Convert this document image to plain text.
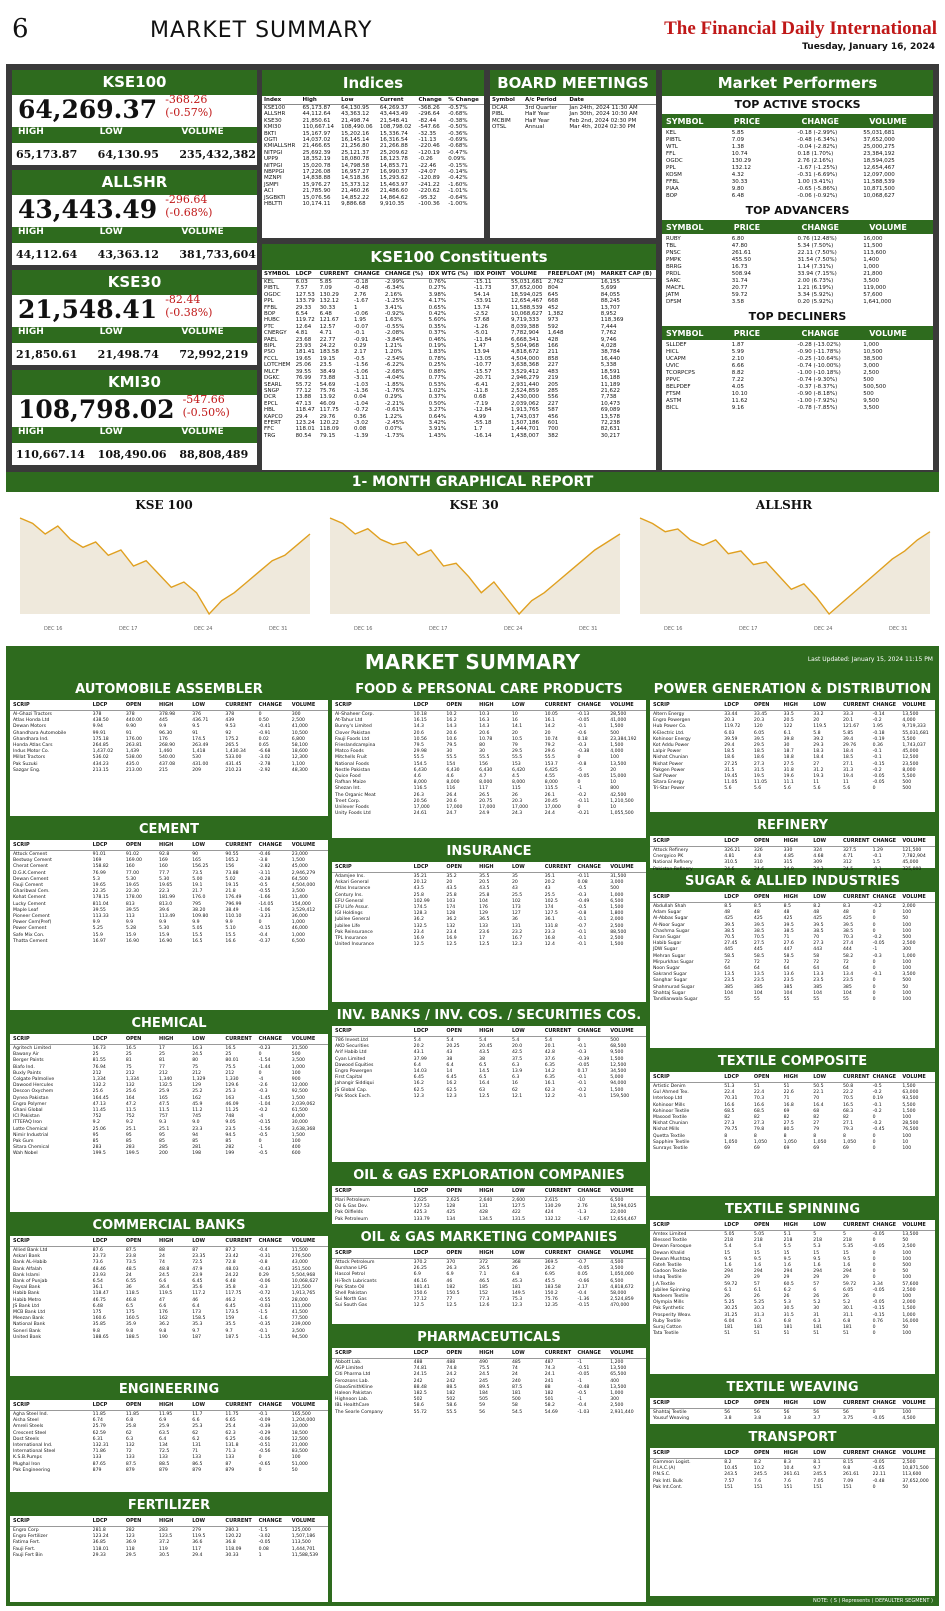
6	MARKET SUMMARY	The Financial Daily International
Tuesday, January 16, 2024
KSE100
64,269.37 -368.26 (-0.57%)
HIGH	LOW	VOLUME
65,173.87	64,130.95	235,432,382
ALLSHR
43,443.49 -296.64 (-0.68%)
HIGH	LOW	VOLUME
44,112.64	43,363.12	381,733,604
KSE30
21,548.41 -82.44 (-0.38%)
HIGH	LOW	VOLUME
21,850.61	21,498.74	72,992,219
KMI30
108,798.02 -547.66 (-0.50%)
HIGH	LOW	VOLUME
110,667.14	108,490.06	88,808,489
Indices
Index	High	Low	Current	Change	% Change
KSE100	65,173.87	64,130.95	64,269.37	-368.26	-0.57%
ALLSHR	44,112.64	43,363.12	43,443.49	-296.64	-0.68%
KSE30	21,850.61	21,498.74	21,548.41	-82.44	-0.38%
KMI30	110,667.14	108,490.06	108,798.02	-547.66	-0.50%
BKTI	15,167.97	15,202.16	15,336.74	-32.35	-0.36%
OGTI	14,037.02	16,145.14	16,316.54	-11.13	-0.69%
KMIALLSHR	21,466.65	21,256.80	21,266.88	-220.46	-0.68%
NITPGI	25,692.39	25,121.37	25,209.62	-120.19	-0.47%
UPP9	18,352.19	18,080.78	18,123.78	-0.26	0.09%
NITPGI	15,020.78	14,798.58	14,853.71	-22.46	-0.15%
NBPPGI	17,226.08	16,957.27	16,990.37	-24.07	-0.14%
MZNPI	14,838.88	14,518.36	15,293.62	-120.89	-0.42%
JSMFI	15,976.27	15,373.12	15,463.97	-241.22	-1.60%
ACI	21,785.90	21,460.26	21,486.60	-220.62	-1.01%
JSGBKTI	15,076.56	14,852.22	14,864.62	-95.32	-0.64%
HBLTTI	10,174.11	9,886.68	9,910.35	-100.36	-1.00%
BOARD MEETINGS
Symbol	A/c Period	Date
DCAR	3rd Quarter	Jan 24th, 2024 11:30 AM
PIBL	Half Year	Jan 30th, 2024 10:30 AM
MCBIM	Half Year	Feb 2nd, 2024 02:30 PM
OTSL	Annual	Mar 4th, 2024 02:30 PM
KSE100 Constituents
SYMBOL	LDCP	CURRENT	CHANGE	CHANGE (%)	IDX WTG (%)	IDX POINT	VOLUME	FREEFLOAT (M)	MARKET CAP (B)
KEL	6.03	5.85	-0.18	-2.99%	0.76%	-15.11	55,031,681	2,762	16,155
PIBTL	7.57	7.09	-0.48	-6.34%	0.27%	-11.73	37,652,000	804	5,699
OGDC	127.53	130.29	2.76	2.16%	3.98%	54.14	18,594,025	645	84,055
PPL	133.79	132.12	-1.67	-1.25%	4.17%	-33.91	12,654,467	668	88,245
FFBL	29.33	30.33	1	3.41%	0.65%	13.74	11,588,539	452	13,707
BOP	6.54	6.48	-0.06	-0.92%	0.42%	-2.52	10,068,627	1,382	8,952
HUBC	119.72	121.67	1.95	1.63%	5.60%	57.68	9,719,333	973	118,369
PTC	12.64	12.57	-0.07	-0.55%	0.35%	-1.26	8,039,388	592	7,444
CNERGY	4.81	4.71	-0.1	-2.08%	0.37%	-5.01	7,782,904	1,648	7,762
PAEL	23.68	22.77	-0.91	-3.84%	0.46%	-11.84	6,668,341	428	9,746
BIPL	23.93	24.22	0.29	1.21%	0.19%	1.47	5,504,968	166	4,028
PSO	181.41	183.58	2.17	1.20%	1.83%	13.94	4,818,672	211	38,784
FCCL	19.65	19.15	-0.5	-2.54%	0.78%	-13.05	4,504,000	858	16,440
LOTCHEM	25.06	23.5	-1.56	-6.22%	0.25%	-10.77	3,638,368	227	5,338
MLCF	39.55	38.49	-1.06	-2.68%	0.88%	-15.57	3,529,412	483	18,591
DGKC	76.99	73.88	-3.11	-4.04%	0.77%	-20.71	2,946,279	219	16,188
SEARL	55.72	54.69	-1.03	-1.85%	0.53%	-6.41	2,931,440	205	11,189
SNGP	77.12	75.76	-1.36	-1.76%	1.02%	-11.8	2,524,859	285	21,622
DCR	13.88	13.92	0.04	0.29%	0.37%	0.68	2,430,000	556	7,738
EPCL	47.13	46.09	-1.04	-2.21%	0.50%	-7.19	2,039,062	227	10,473
HBL	118.47	117.75	-0.72	-0.61%	3.27%	-12.84	1,913,765	587	69,089
KAPCO	29.4	29.76	0.36	1.22%	0.64%	4.99	1,743,037	456	13,578
EFERT	123.24	120.22	-3.02	-2.45%	3.42%	-55.18	1,507,186	601	72,238
FFC	118.01	118.09	0.08	0.07%	3.91%	1.7	1,444,701	700	82,631
TRG	80.54	79.15	-1.39	-1.73%	1.43%	-16.14	1,438,007	382	30,217
Market Performers
TOP ACTIVE STOCKS
SYMBOL	PRICE	CHANGE	VOLUME
KEL	5.85	-0.18 (-2.99%)	55,031,681
PIBTL	7.09	-0.48 (-6.34%)	37,652,000
WTL	1.38	-0.04 (-2.82%)	25,000,275
FFL	10.74	0.18 (1.70%)	23,384,192
OGDC	130.29	2.76 (2.16%)	18,594,025
PPL	132.12	-1.67 (-1.25%)	12,654,467
KOSM	4.32	-0.31 (-6.69%)	12,097,000
FFBL	30.33	1.00 (3.41%)	11,588,539
PIAA	9.80	-0.65 (-5.86%)	10,871,500
BOP	6.48	-0.06 (-0.92%)	10,068,627
TOP ADVANCERS
SYMBOL	PRICE	CHANGE	VOLUME
RUBY	6.80	0.76 (12.48%)	16,000
TBL	47.80	5.34 (7.50%)	11,500
PNSC	261.61	22.11 (7.50%)	113,600
PMPK	455.50	31.54 (7.50%)	1,400
BRRG	16.73	1.14 (7.31%)	1,000
PRDL	508.94	33.94 (7.15%)	21,800
SARC	31.74	2.00 (6.73%)	3,500
MACFL	20.77	1.21 (6.19%)	119,000
JATM	59.72	3.34 (5.92%)	57,600
DFSM	3.58	0.20 (5.92%)	1,641,000
TOP DECLINERS
SYMBOL	PRICE	CHANGE	VOLUME
SLLDEF	1.87	-0.28 (-13.02%)	1,000
HICL	5.99	-0.90 (-11.78%)	10,500
UCAPM	2.10	-0.25 (-10.64%)	38,500
UVIC	6.66	-0.74 (-10.00%)	3,000
TCORPCPS	8.82	-1.00 (-10.18%)	2,500
PPVC	7.22	-0.74 (-9.30%)	500
BELPDEF	4.05	-0.37 (-8.37%)	500,500
FTSM	10.10	-0.90 (-8.18%)	500
ASTM	11.62	-1.00 (-7.92%)	9,500
BICL	9.16	-0.78 (-7.85%)	3,500
1- MONTH GRAPHICAL REPORT
KSE 100
DEC 16	DEC 17	DEC 24	DEC 31
KSE 30
DEC 16	DEC 17	DEC 24	DEC 31
ALLSHR
DEC 16	DEC 17	DEC 24	DEC 31
MARKET SUMMARY	Last Updated: January 15, 2024 11:15 PM
AUTOMOBILE ASSEMBLER
SCRIP	LDCP	OPEN	HIGH	LOW	CURRENT	CHANGE	VOLUME
Al-Ghazi Tractors	378	378	378.98	376	378	0	300
Atlas Honda Ltd	438.50	440.00	445	436.71	439	0.50	2,500
Dewan Motors	9.94	9.90	9.9	9.5	9.53	-0.41	41,000
Ghandhara Automobile	99.91	91	96.30	91	92	-0.91	10,500
Ghandhara Ind.	175.18	176.00	176	174.5	175.2	0.02	6,800
Honda Atlas Cars	264.85	263.81	268.90	263.49	265.5	0.65	58,100
Indus Motor Co.	1,437.02	1,439	1,460	1,418	1,430.34	-6.68	18,600
Millat Tractors	536.02	538.00	540.00	530	533.00	-3.02	12,300
Pak Suzuki	434.23	435.0	437.08	431.00	431.45	-2.78	1,100
Sazgar Eng.	213.15	213.00	215	209	210.23	-2.92	48,300
CEMENT
SCRIP	LDCP	OPEN	HIGH	LOW	CURRENT	CHANGE	VOLUME
Attock Cement	91.01	91.02	92.8	90	90.55	-0.46	23,000
Bestway Cement	169	169.00	169	165	165.2	-3.8	1,500
Cherat Cement	158.82	160	160	156.25	156	-2.82	45,000
D.G.K.Cement	76.99	77.00	77.7	73.5	73.88	-3.11	2,946,279
Dewan Cement	5.3	5.30	5.30	5.00	5.02	-0.28	64,500
Fauji Cement	19.65	19.65	19.65	19.1	19.15	-0.5	4,504,000
Gharibwal Cem.	22.35	22.30	22.3	21.7	21.8	-0.55	3,500
Kohat Cement	178.15	178.00	181.99	176.0	176.49	-1.66	11,400
Lucky Cement	811.04	813	813.0	795	796.99	-14.05	154,000
Maple Leaf	39.55	39.55	39.6	38.20	38.49	-1.06	3,529,412
Pioneer Cement	113.33	113	113.49	109.80	110.10	-3.23	36,000
Power Cem(Pref)	9.9	9.9	9.9	9.9	9.9	0	1,000
Power Cement	5.25	5.28	5.30	5.05	5.10	-0.15	46,000
Safe Mix Con.	15.9	15.9	15.9	15.5	15.5	-0.4	1,000
Thatta Cement	16.97	16.90	16.90	16.5	16.6	-0.37	6,500
CHEMICAL
SCRIP	LDCP	OPEN	HIGH	LOW	CURRENT	CHANGE	VOLUME
Agritech Limited	16.73	16.5	17	16.3	16.5	-0.23	21,500
Bawany Air	25	25	25	24.5	25	0	500
Berger Paints	81.55	81	81	80	80.01	-1.54	3,500
Biafo Ind.	76.94	75	77	75	75.5	-1.44	1,000
Buxly Paints	212	212	212	212	212	0	100
Colgate Palmolive	1,334	1,334	1,340	1,329	1,330	-4	900
Dawood Hercules	132.2	132	132.5	129	129.6	-2.6	12,000
Descon Oxychem	25.6	25.6	25.9	25.2	25.3	-0.3	92,500
Dynea Pakistan	164.45	164	165	162	163	-1.45	1,500
Engro Polymer	47.13	47.2	47.5	45.9	46.09	-1.04	2,039,062
Ghani Global	11.45	11.5	11.5	11.2	11.25	-0.2	61,500
ICI Pakistan	752	752	757	745	748	-4	4,000
ITTEFAQ Iron	9.2	9.2	9.3	9.0	9.05	-0.15	30,000
Lotte Chemical	25.06	25.1	25.1	23.3	23.5	-1.56	3,638,368
Nimir Industrial	95	95	95	94	94.5	-0.5	1,500
Pak Gum	85	85	85	85	85	0	100
Sitara Chemical	283	283	285	281	282	-1	400
Wah Nobel	199.5	199.5	200	198	199	-0.5	600
COMMERCIAL BANKS
SCRIP	LDCP	OPEN	HIGH	LOW	CURRENT	CHANGE	VOLUME
Allied Bank Ltd	87.6	87.5	88	87	87.2	-0.4	11,500
Askari Bank	23.73	23.8	24	23.35	23.42	-0.31	276,500
Bank AL-Habib	73.6	73.5	74	72.5	72.8	-0.8	43,000
Bank Alfalah	48.46	48.5	48.8	47.9	48.03	-0.43	351,500
Bank Islami	23.93	24	24.5	23.9	24.22	0.29	5,504,968
Bank of Punjab	6.54	6.55	6.6	6.45	6.48	-0.06	10,068,627
Faysal Bank	36.1	36	36.4	35.6	35.8	-0.3	121,500
Habib Bank	118.47	118.5	119.5	117.2	117.75	-0.72	1,913,765
Habib Metro	46.75	46.8	47	46	46.2	-0.55	28,000
JS Bank Ltd	6.48	6.5	6.6	6.4	6.45	-0.03	111,000
MCB Bank Ltd	175	175	176	173	173.5	-1.5	41,500
Meezan Bank	160.6	160.5	162	158.5	159	-1.6	77,500
National Bank	35.85	35.9	36.2	35.3	35.5	-0.35	239,000
Soneri Bank	9.8	9.8	9.8	9.7	9.7	-0.1	3,500
United Bank	188.65	188.5	190	187	187.5	-1.15	94,500
ENGINEERING
SCRIP	LDCP	OPEN	HIGH	LOW	CURRENT	CHANGE	VOLUME
Agha Steel Ind.	11.85	11.85	11.95	11.7	11.75	-0.1	165,500
Aisha Steel	6.74	6.8	6.9	6.6	6.65	-0.09	1,204,000
Amreli Steels	25.79	25.8	25.9	25.3	25.4	-0.39	33,000
Crescent Steel	62.59	62	63.5	62	62.3	-0.29	18,500
Dost Steels	6.31	6.3	6.4	6.2	6.25	-0.06	12,500
International Ind.	132.31	132	134	131	131.8	-0.51	21,000
International Steel	71.86	72	72.5	71	71.3	-0.56	83,500
K.S.B.Pumps	133	133	133	133	133	0	100
Mughal Iron	87.65	87.5	88.5	86.5	87	-0.65	51,000
Pak Engineering	879	879	879	879	879	0	50
FERTILIZER
SCRIP	LDCP	OPEN	HIGH	LOW	CURRENT	CHANGE	VOLUME
Engro Corp	281.8	282	283	279	280.3	-1.5	125,000
Engro Fertilizer	123.24	123	123.5	119.5	120.22	-3.02	1,507,186
Fatima Fert.	36.85	36.9	37.2	36.6	36.8	-0.05	113,500
Fauji Fert.	118.01	118	119	117	118.09	0.08	1,444,701
Fauji Fert Bin	29.33	29.5	30.5	29.4	30.33	1	11,588,539
FOOD & PERSONAL CARE PRODUCTS
SCRIP	LDCP	OPEN	HIGH	LOW	CURRENT	CHANGE	VOLUME
Al-Shaheer Corp.	10.18	10.2	10.3	10	10.05	-0.13	28,500
At-Tahur Ltd	16.15	16.2	16.3	16	16.1	-0.05	41,000
Bunny's Limited	14.3	14.3	14.3	14.1	14.2	-0.1	1,500
Clover Pakistan	20.6	20.6	20.6	20	20	-0.6	500
Fauji Foods Ltd	10.56	10.6	10.78	10.5	10.74	0.18	23,384,192
Frieslandcampina	79.5	79.5	80	79	79.2	-0.3	1,500
Matco Foods	29.98	30	30	29.5	29.6	-0.38	4,000
Mitchells Fruit	55.5	55.5	55.5	55.5	55.5	0	100
National Foods	154.5	154	156	153	153.7	-0.8	13,500
Nestle Pakistan	6,430	6,430	6,430	6,420	6,425	-5	20
Quice Food	4.6	4.6	4.7	4.5	4.55	-0.05	15,000
Rafhan Maize	8,000	8,000	8,000	8,000	8,000	0	10
Shezan Int.	116.5	116	117	115	115.5	-1	800
The Organic Meat	26.3	26.4	26.5	26	26.1	-0.2	42,500
Treet Corp.	20.56	20.6	20.75	20.3	20.45	-0.11	1,210,500
Unilever Foods	17,000	17,000	17,000	17,000	17,000	0	10
Unity Foods Ltd	24.61	24.7	24.9	24.3	24.4	-0.21	1,055,500
INSURANCE
SCRIP	LDCP	OPEN	HIGH	LOW	CURRENT	CHANGE	VOLUME
Adamjee Ins.	35.21	35.2	35.5	35	35.1	-0.11	31,500
Askari General	20.12	20	20.5	20	20.2	0.08	3,000
Atlas Insurance	43.5	43.5	43.5	43	43	-0.5	500
Century Ins.	25.8	25.8	25.8	25.5	25.5	-0.3	1,000
EFU General	102.99	103	104	102	102.5	-0.49	6,500
EFU Life Assur.	174.5	174	176	173	174	-0.5	1,500
IGI Holdings	128.3	128	129	127	127.5	-0.8	1,800
Jubilee General	36.2	36.2	36.5	36	36.1	-0.1	2,000
Jubilee Life	132.5	132	133	131	131.8	-0.7	2,500
Pak Reinsurance	23.4	23.4	23.6	23.2	23.3	-0.1	88,500
TPL Insurance	16.9	16.9	17	16.7	16.8	-0.1	2,500
United Insurance	12.5	12.5	12.5	12.3	12.4	-0.1	1,500
INV. BANKS / INV. COS. / SECURITIES COS.
SCRIP	LDCP	OPEN	HIGH	LOW	CURRENT	CHANGE	VOLUME
786 Invest.Ltd	5.4	5.4	5.4	5.4	5.4	0	500
AKD Securities	20.2	20.25	20.45	20.0	20.1	-0.1	68,500
Arif Habib Ltd	43.1	43	43.5	42.5	42.8	-0.3	9,500
Cyan Limited	37.99	38	38	37.5	37.6	-0.39	1,500
Dawood Equities	6.4	6.4	6.5	6.3	6.35	-0.05	12,500
Engro Powergen	14.03	14	14.5	13.9	14.2	0.17	34,500
First Capital	6.45	6.45	6.5	6.3	6.35	-0.1	5,000
Jahangir Siddiqui	16.2	16.2	16.4	16	16.1	-0.1	94,000
JS Global Cap.	62.5	62.5	63	62	62.3	-0.2	1,500
Pak Stock Exch.	12.3	12.3	12.5	12.1	12.2	-0.1	159,500
OIL & GAS EXPLORATION COMPANIES
SCRIP	LDCP	OPEN	HIGH	LOW	CURRENT	CHANGE	VOLUME
Mari Petroleum	2,625	2,625	2,640	2,600	2,615	-10	6,500
Oil & Gas Dev.	127.53	128	131	127.5	130.29	2.76	18,594,025
Pak Oilfields	425.3	425	428	422	424	-1.3	22,000
Pak Petroleum	133.79	134	134.5	131.5	132.12	-1.67	12,654,467
OIL & GAS MARKETING COMPANIES
SCRIP	LDCP	OPEN	HIGH	LOW	CURRENT	CHANGE	VOLUME
Attock Petroleum	370.2	370	372	368	369.5	-0.7	4,500
Burshane LPG	26.25	26.3	26.5	26	26.2	-0.05	3,500
Hascol Petrol	6.9	6.9	7.1	6.8	6.95	0.05	1,050,000
Hi-Tech Lubricants	46.16	46	46.5	45.3	45.5	-0.66	6,500
Pak State Oil	181.41	182	185	181	183.58	2.17	4,818,672
Shell Pakistan	150.6	150.5	152	149.5	150.2	-0.4	58,000
Sui North Gas	77.12	77	77.3	75.3	75.76	-1.36	2,524,859
Sui South Gas	12.5	12.5	12.6	12.3	12.35	-0.15	470,000
PHARMACEUTICALS
SCRIP	LDCP	OPEN	HIGH	LOW	CURRENT	CHANGE	VOLUME
Abbott Lab.	488	488	490	485	487	-1	1,200
AGP Limited	74.81	74.8	75.5	74	74.3	-0.51	13,500
Citi Pharma Ltd	24.15	24.2	24.5	24	24.1	-0.05	65,500
Ferozsons Lab.	242	242	245	240	241	-1	400
GlaxoSmithKline	88.48	88.5	89.5	87.5	88	-0.48	13,500
Haleon Pakistan	182.5	182	184	181	182	-0.5	1,000
Highnoon Lab.	502	502	505	500	501	-1	300
IBL HealthCare	58.6	58.6	59	58	58.2	-0.4	2,500
The Searle Company	55.72	55.5	56	54.5	54.69	-1.03	2,931,440
POWER GENERATION & DISTRIBUTION
SCRIP	LDCP	OPEN	HIGH	LOW	CURRENT CHANGE	VOLUME
Altern Energy	33.44	33.45	33.5	33.2	33.3	-0.14	13,500
Engro Powergen	20.3	20.3	20.5	20	20.1	-0.2	4,000
Hub Power Co.	119.72	120	122	119.5	121.67	1.95	9,719,333
K-Electric Ltd.	6.03	6.05	6.1	5.8	5.85	-0.18	55,031,681
Kohinoor Energy	39.59	39.5	39.8	39.2	39.4	-0.19	5,500
Kot Addu Power	29.4	29.5	30	29.3	29.76	0.36	1,743,037
Lalpir Power	18.5	18.5	18.7	18.3	18.4	-0.1	45,000
Nishat Chunian	18.6	18.6	18.8	18.4	18.5	-0.1	12,500
Nishat Power	27.25	27.3	27.5	27	27.1	-0.15	23,500
Pakgen Power	31.5	31.5	31.8	31.2	31.3	-0.2	8,000
Saif Power	19.45	19.5	19.6	19.3	19.4	-0.05	5,500
Sitara Energy	11.05	11.05	11.1	11	11	-0.05	500
Tri-Star Power	5.6	5.6	5.6	5.6	5.6	0	500
REFINERY
SCRIP	LDCP	OPEN	HIGH	LOW	CURRENT CHANGE	VOLUME
Attock Refinery	326.21	326	330	324	327.5	1.29	121,500
Cnergyico PK	4.81	4.8	4.85	4.68	4.71	-0.1	7,782,904
National Refinery	310.5	310	315	309	312	1.5	45,000
Pakistan Refinery	24.6	24.6	24.9	24.3	24.5	-0.1	325,000
SUGAR & ALLIED INDUSTRIES
SCRIP	LDCP	OPEN	HIGH	LOW	CURRENT CHANGE	VOLUME
Abdullah Shah	8.5	8.5	8.5	8.2	8.3	-0.2	2,000
Adam Sugar	48	48	48	48	48	0	100
Al-Abbas Sugar	425	425	425	425	425	0	50
Al-Noor Sugar	39.5	39.5	39.5	39.5	39.5	0	100
Chashma Sugar	38.5	38.5	38.5	38.5	38.5	0	100
Faran Sugar	70.5	70.5	71	70	70.3	-0.2	500
Habib Sugar	27.45	27.5	27.6	27.3	27.4	-0.05	2,500
JDW Sugar	445	445	447	443	444	-1	300
Mehran Sugar	58.5	58.5	58.5	58	58.2	-0.3	1,000
Mirpurkhas Sugar	72	72	72	72	72	0	100
Noon Sugar	64	64	64	64	64	0	100
Sakrand Sugar	13.5	13.5	13.6	13.3	13.4	-0.1	3,500
Sanghar Sugar	23.5	23.5	23.5	23.5	23.5	0	500
Shahmurad Sugar	385	385	385	385	385	0	50
Shahtaj Sugar	104	104	104	104	104	0	100
Tandlianwala Sugar	55	55	55	55	55	0	100
TEXTILE COMPOSITE
SCRIP	LDCP	OPEN	HIGH	LOW	CURRENT CHANGE	VOLUME
Artistic Denim	51.3	51	51	50.5	50.8	-0.5	1,500
Gul Ahmed Tex.	22.4	22.4	22.6	22.1	22.2	-0.2	63,000
Interloop Ltd	70.31	70.3	71	70	70.5	0.19	93,500
Kohinoor Mills	16.6	16.6	16.8	16.4	16.5	-0.1	5,500
Kohinoor Textile	68.5	68.5	69	68	68.3	-0.2	1,500
Masood Textile	82	82	82	82	82	0	100
Nishat Chunian	27.3	27.3	27.5	27	27.1	-0.2	28,500
Nishat Mills	79.75	79.8	80.5	79	79.3	-0.45	76,500
Quetta Textile	8	8	8	8	8	0	100
Sapphire Textile	1,050	1,050	1,050	1,050	1,050	0	10
Sunrays Textile	69	69	69	69	69	0	100
TEXTILE SPINNING
SCRIP	LDCP	OPEN	HIGH	LOW	CURRENT CHANGE	VOLUME
Amtex Limited	5.05	5.05	5.1	5	5	-0.05	13,500
Blessed Textile	218	218	218	218	218	0	50
Dewan Farooque	5.4	5.4	5.5	5.3	5.35	-0.05	2,500
Dewan Khalid	15	15	15	15	15	0	100
Dewan Mushtaq	9.5	9.5	9.5	9.5	9.5	0	100
Fateh Textile	1.6	1.6	1.6	1.6	1.6	0	500
Gadoon Textile	294	294	294	294	294	0	50
Ishaq Textile	29	29	29	29	29	0	100
J.A.Textile	59.72	57	60.5	57	59.72	3.34	57,600
Jubilee Spinning	6.1	6.1	6.2	6	6.05	-0.05	2,500
Nadeem Textile	26	26	26	26	26	0	100
Olympia Mills	5.25	5.25	5.3	5.2	5.2	-0.05	2,000
Pak Synthetic	30.25	30.3	30.5	30	30.1	-0.15	1,500
Prosperity Weav.	31.25	31.3	31.5	31	31.1	-0.15	1,000
Ruby Textile	6.04	6.3	6.8	6.3	6.8	0.76	16,000
Suraj Cotton	181	181	181	181	181	0	50
Tata Textile	51	51	51	51	51	0	100
TEXTILE WEAVING
SCRIP	LDCP	OPEN	HIGH	LOW	CURRENT CHANGE	VOLUME
Shahtaj Textile	56	56	56	56	56	0	100
Yousuf Weaving	3.8	3.8	3.8	3.7	3.75	-0.05	4,500
TRANSPORT
SCRIP	LDCP	OPEN	HIGH	LOW	CURRENT CHANGE	VOLUME
Gammon Logist.	8.2	8.2	8.3	8.1	8.15	-0.05	2,500
P.I.A.C.(A)	10.45	10.2	10.4	9.7	9.8	-0.65	10,871,500
P.N.S.C.	243.5	245.5	261.61	245.5	261.61	22.11	113,600
Pak Intl. Bulk	7.57	7.6	7.6	7.05	7.09	-0.48	37,652,000
Pak Int.Cont.	151	151	151	151	151	0	50
NOTE: ( S ) Represents ( DEFAULTER SEGMENT )
